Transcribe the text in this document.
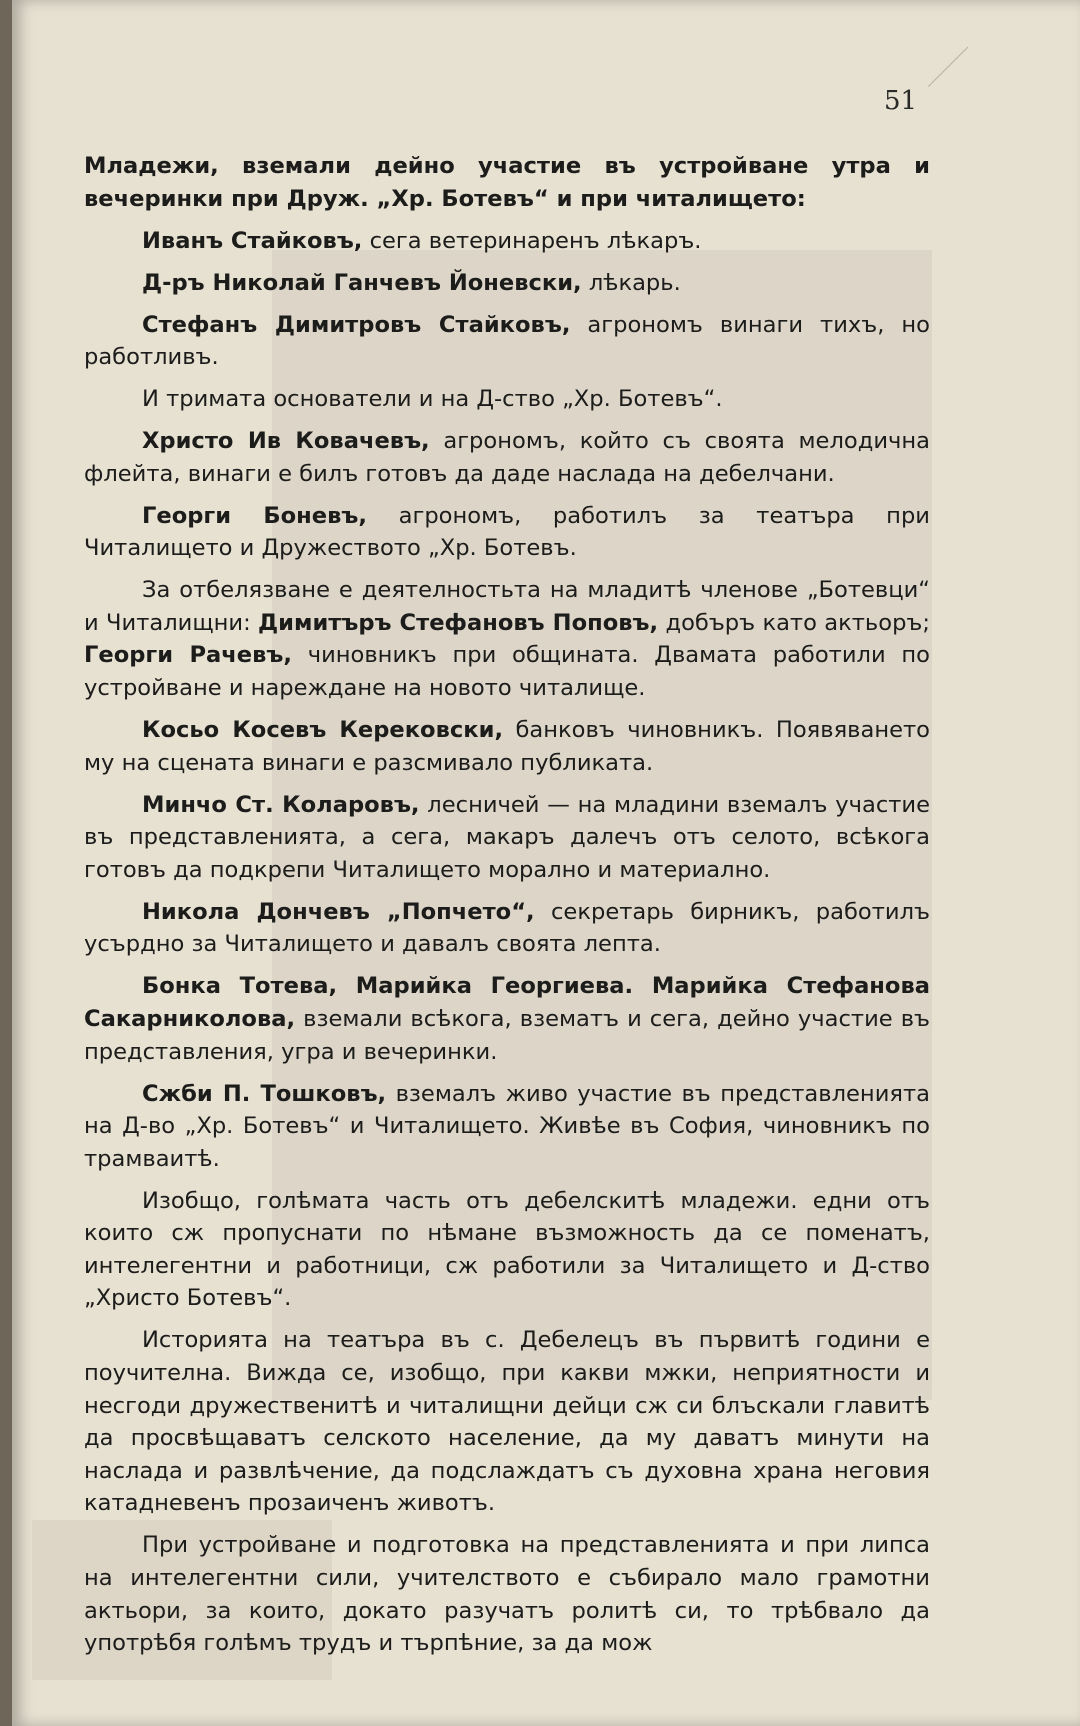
51

Младежи, вземали дейно участие въ устройване утра и вечеринки при Друж. „Хр. Ботевъ“ и при читалището:

Иванъ Стайковъ, сега ветеринаренъ лѣкаръ.

Д-ръ Николай Ганчевъ Йоневски, лѣкарь.

Стефанъ Димитровъ Стайковъ, агрономъ винаги тихъ, но работливъ.

И тримата основатели и на Д-ство „Хр. Ботевъ“.

Христо Ив Ковачевъ, агрономъ, който съ своята мелодична флейта, винаги е билъ готовъ да даде наслада на дебелчани.

Георги Боневъ, агрономъ, работилъ за театъра при Читалището и Дружеството „Хр. Ботевъ.

За отбелязване е деятелностьта на младитѣ членове „Ботевци“ и Читалищни: Димитъръ Стефановъ Поповъ, добъръ като актьоръ; Георги Рачевъ, чиновникъ при общината. Двамата работили по устройване и нареждане на новото читалище.

Косьо Косевъ Керековски, банковъ чиновникъ. Появяването му на сцената винаги е разсмивало публиката.

Минчо Ст. Коларовъ, лесничей — на младини вземалъ участие въ представленията, а сега, макаръ далечъ отъ селото, всѣкога готовъ да подкрепи Читалището морално и материално.

Никола Дончевъ „Попчето“, секретарь бирникъ, работилъ усърдно за Читалището и давалъ своята лепта.

Бонка Тотева, Марийка Георгиева. Марийка Стефанова Сакарниколова, вземали всѣкога, взематъ и сега, дейно участие въ представления, угра и вечеринки.

Сжби П. Тошковъ, вземалъ живо участие въ представленията на Д-во „Хр. Ботевъ“ и Читалището. Живѣе въ София, чиновникъ по трамваитѣ.

Изобщо, голѣмата часть отъ дебелскитѣ младежи. едни отъ които сж пропуснати по нѣмане възможность да се поменатъ, интелегентни и работници, сж работили за Читалището и Д-ство „Христо Ботевъ“.

Историята на театъра въ с. Дебелецъ въ първитѣ години е поучителна. Вижда се, изобщо, при какви мжки, неприятности и несгоди дружественитѣ и читалищни дейци сж си блъскали главитѣ да просвѣщаватъ селското население, да му даватъ минути на наслада и развлѣчение, да подслаждатъ съ духовна храна неговия катадневенъ прозаиченъ животъ.

При устройване и подготовка на представленията и при липса на интелегентни сили, учителството е събирало мало грамотни актьори, за които, докато разучатъ ролитѣ си, то трѣбвало да употрѣбя голѣмъ трудъ и търпѣние, за да мож
